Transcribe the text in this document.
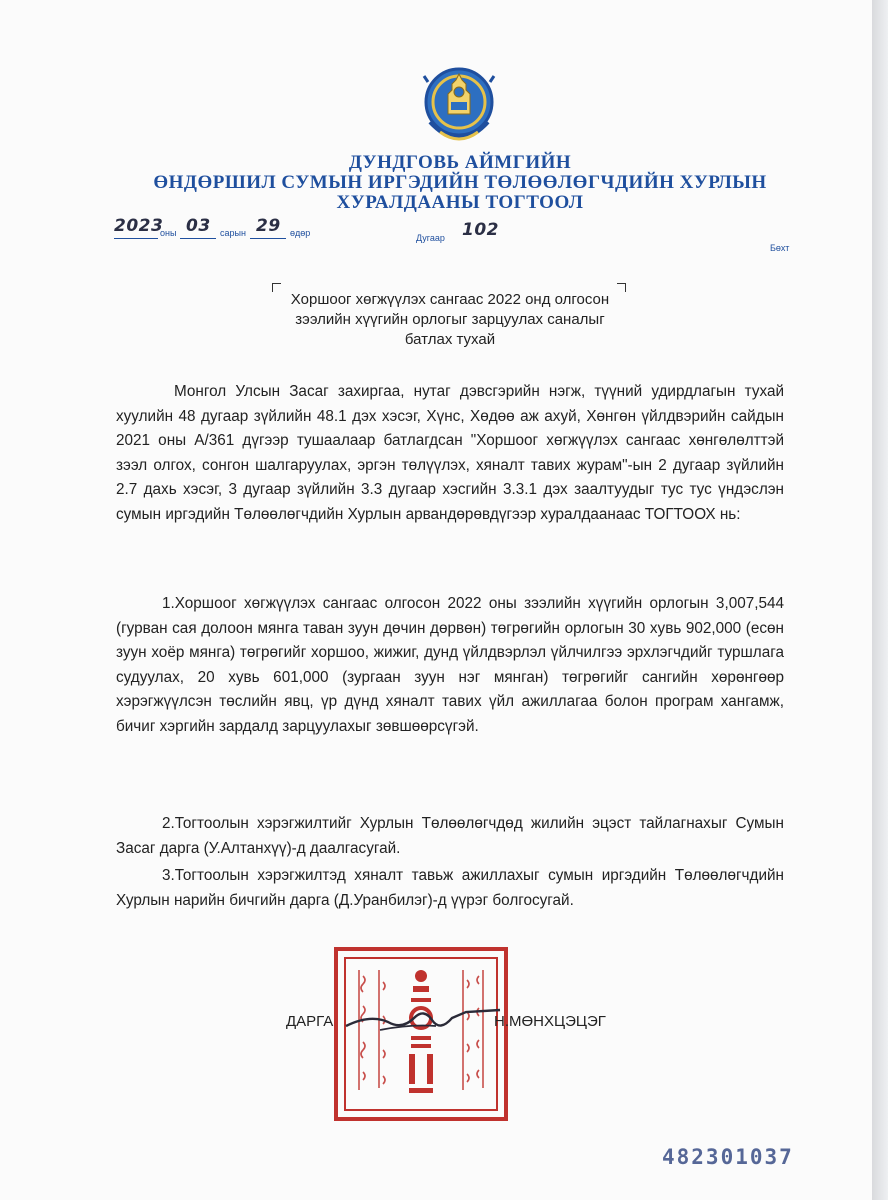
ДУНДГОВЬ АЙМГИЙН
ӨНДӨРШИЛ СУМЫН ИРГЭДИЙН ТӨЛӨӨЛӨГЧДИЙН ХУРЛЫН
ХУРАЛДААНЫ ТОГТООЛ
2023
оны 03 сарын 29 өдөр	Дугаар 102
Бөхт
Хоршоог хөгжүүлэх сангаас 2022 онд олгосон
зээлийн хүүгийн орлогыг зарцуулах саналыг
батлах тухай
Монгол Улсын Засаг захиргаа, нутаг дэвсгэрийн нэгж, түүний удирдлагын тухай хуулийн 48 дугаар зүйлийн 48.1 дэх хэсэг, Хүнс, Хөдөө аж ахуй, Хөнгөн үйлдвэрийн сайдын 2021 оны А/361 дүгээр тушаалаар батлагдсан "Хоршоог хөгжүүлэх сангаас хөнгөлөлттэй зээл олгох, сонгон шалгаруулах, эргэн төлүүлэх, хяналт тавих журам"-ын 2 дугаар зүйлийн 2.7 дахь хэсэг, 3 дугаар зүйлийн 3.3 дугаар хэсгийн 3.3.1 дэх заалтуудыг тус тус үндэслэн сумын иргэдийн Төлөөлөгчдийн Хурлын арвандөрөвдүгээр хуралдаанаас ТОГТООХ нь:
1.Хоршоог хөгжүүлэх сангаас олгосон 2022 оны зээлийн хүүгийн орлогын 3,007,544 (гурван сая долоон мянга таван зуун дөчин дөрвөн) төгрөгийн орлогын 30 хувь 902,000 (есөн зуун хоёр мянга) төгрөгийг хоршоо, жижиг, дунд үйлдвэрлэл үйлчилгээ эрхлэгчдийг туршлага судуулах, 20 хувь 601,000 (зургаан зуун нэг мянган) төгрөгийг сангийн хөрөнгөөр хэрэгжүүлсэн төслийн явц, үр дүнд хяналт тавих үйл ажиллагаа болон програм хангамж, бичиг хэргийн зардалд зарцуулахыг зөвшөөрсүгэй.
2.Тогтоолын хэрэгжилтийг Хурлын Төлөөлөгчдөд жилийн эцэст тайлагнахыг Сумын Засаг дарга (У.Алтанхүү)-д даалгасугай.
3.Тогтоолын хэрэгжилтэд хяналт тавьж ажиллахыг сумын иргэдийн Төлөөлөгчдийн Хурлын нарийн бичгийн дарга (Д.Уранбилэг)-д үүрэг болгосугай.
ДАРГА	Н.МӨНХЦЭЦЭГ
482301037
